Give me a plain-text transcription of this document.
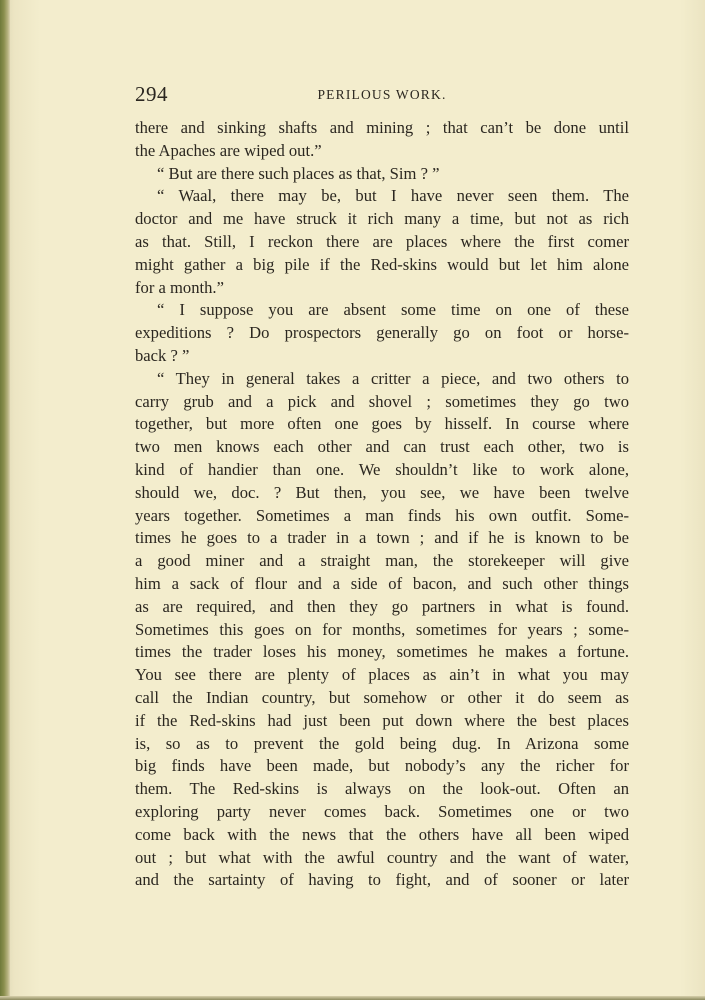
294	PERILOUS WORK.
there and sinking shafts and mining ; that can’t be done until
the Apaches are wiped out.”
“ But are there such places as that, Sim ? ”
“ Waal, there may be, but I have never seen them. The
doctor and me have struck it rich many a time, but not as rich
as that. Still, I reckon there are places where the first comer
might gather a big pile if the Red-skins would but let him alone
for a month.”
“ I suppose you are absent some time on one of these
expeditions ? Do prospectors generally go on foot or horse-
back ? ”
“ They in general takes a critter a piece, and two others to
carry grub and a pick and shovel ; sometimes they go two
together, but more often one goes by hisself. In course where
two men knows each other and can trust each other, two is
kind of handier than one. We shouldn’t like to work alone,
should we, doc. ? But then, you see, we have been twelve
years together. Sometimes a man finds his own outfit. Some-
times he goes to a trader in a town ; and if he is known to be
a good miner and a straight man, the storekeeper will give
him a sack of flour and a side of bacon, and such other things
as are required, and then they go partners in what is found.
Sometimes this goes on for months, sometimes for years ; some-
times the trader loses his money, sometimes he makes a fortune.
You see there are plenty of places as ain’t in what you may
call the Indian country, but somehow or other it do seem as
if the Red-skins had just been put down where the best places
is, so as to prevent the gold being dug. In Arizona some
big finds have been made, but nobody’s any the richer for
them. The Red-skins is always on the look-out. Often an
exploring party never comes back. Sometimes one or two
come back with the news that the others have all been wiped
out ; but what with the awful country and the want of water,
and the sartainty of having to fight, and of sooner or later
